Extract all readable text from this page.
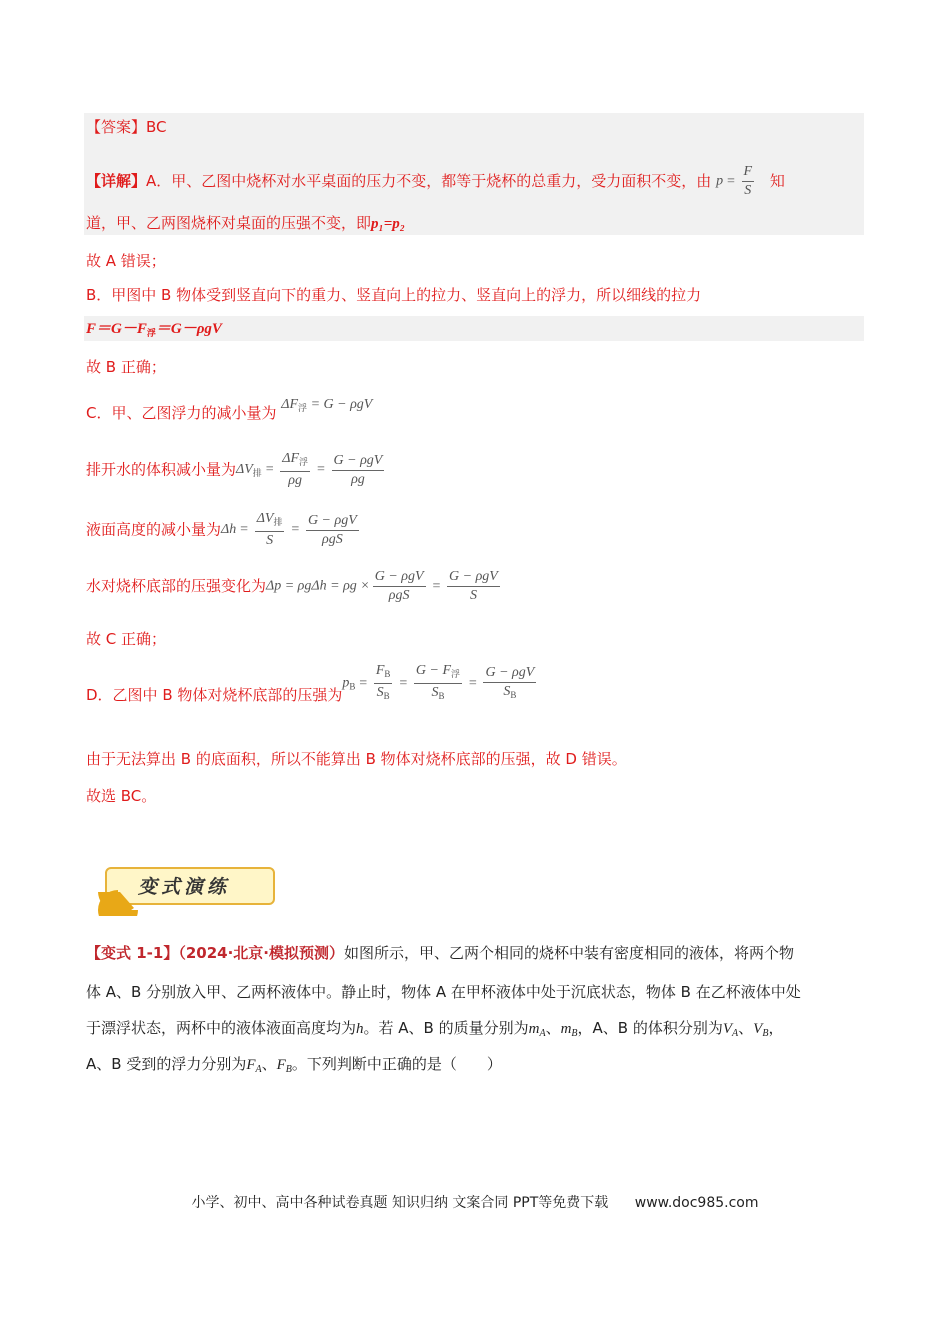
【答案】BC
【详解】A．甲、乙图中烧杯对水平桌面的压力不变，都等于烧杯的总重力，受力面积不变，由 $p = \frac{F}{S}$ 知
道，甲、乙两图烧杯对桌面的压强不变，即p₁=p₂
故 A 错误；
B．甲图中 B 物体受到竖直向下的重力、竖直向上的拉力、竖直向上的浮力，所以细线的拉力
$F=G-F_浮=G-\rho gV$
故 B 正确；
C．甲、乙图浮力的减小量为 $\Delta F_浮 = G - \rho gV$
排开水的体积减小量为$\Delta V_排 = \frac{\Delta F_浮}{\rho g} = \frac{\text{G − ρgV}}{\rho g}$
液面高度的减小量为$\Delta h = \frac{\Delta V_排}{S} = \frac{\text{G − ρgV}}{\text{ρgS}}$
水对烧杯底部的压强变化为$\Delta p = \rho g\Delta h = \rho g \times \frac{\text{G − ρgV}}{\text{ρgS}} = \frac{\text{G − ρgV}}{S}$
故 C 正确；
D．乙图中 B 物体对烧杯底部的压强为$p_B = \frac{F_B}{S_B} = \frac{G - F_浮}{S_B} = \frac{\text{G − ρgV}}{S_B}$
由于无法算出 B 的底面积，所以不能算出 B 物体对烧杯底部的压强，故 D 错误。
故选 BC。
变式演练
【变式 1-1】（2024·北京·模拟预测）如图所示，甲、乙两个相同的烧杯中装有密度相同的液体，将两个物
体 A、B 分别放入甲、乙两杯液体中。静止时，物体 A 在甲杯液体中处于沉底状态，物体 B 在乙杯液体中处
于漂浮状态，两杯中的液体液面高度均为h。若 A、B 的质量分别为$m_A$、$m_B$，A、B 的体积分别为$V_A$、$V_B$，
A、B 受到的浮力分别为$F_A$、$F_B$。下列判断中正确的是（　　）
小学、初中、高中各种试卷真题 知识归纳 文案合同 PPT等免费下载 www.doc985.com
